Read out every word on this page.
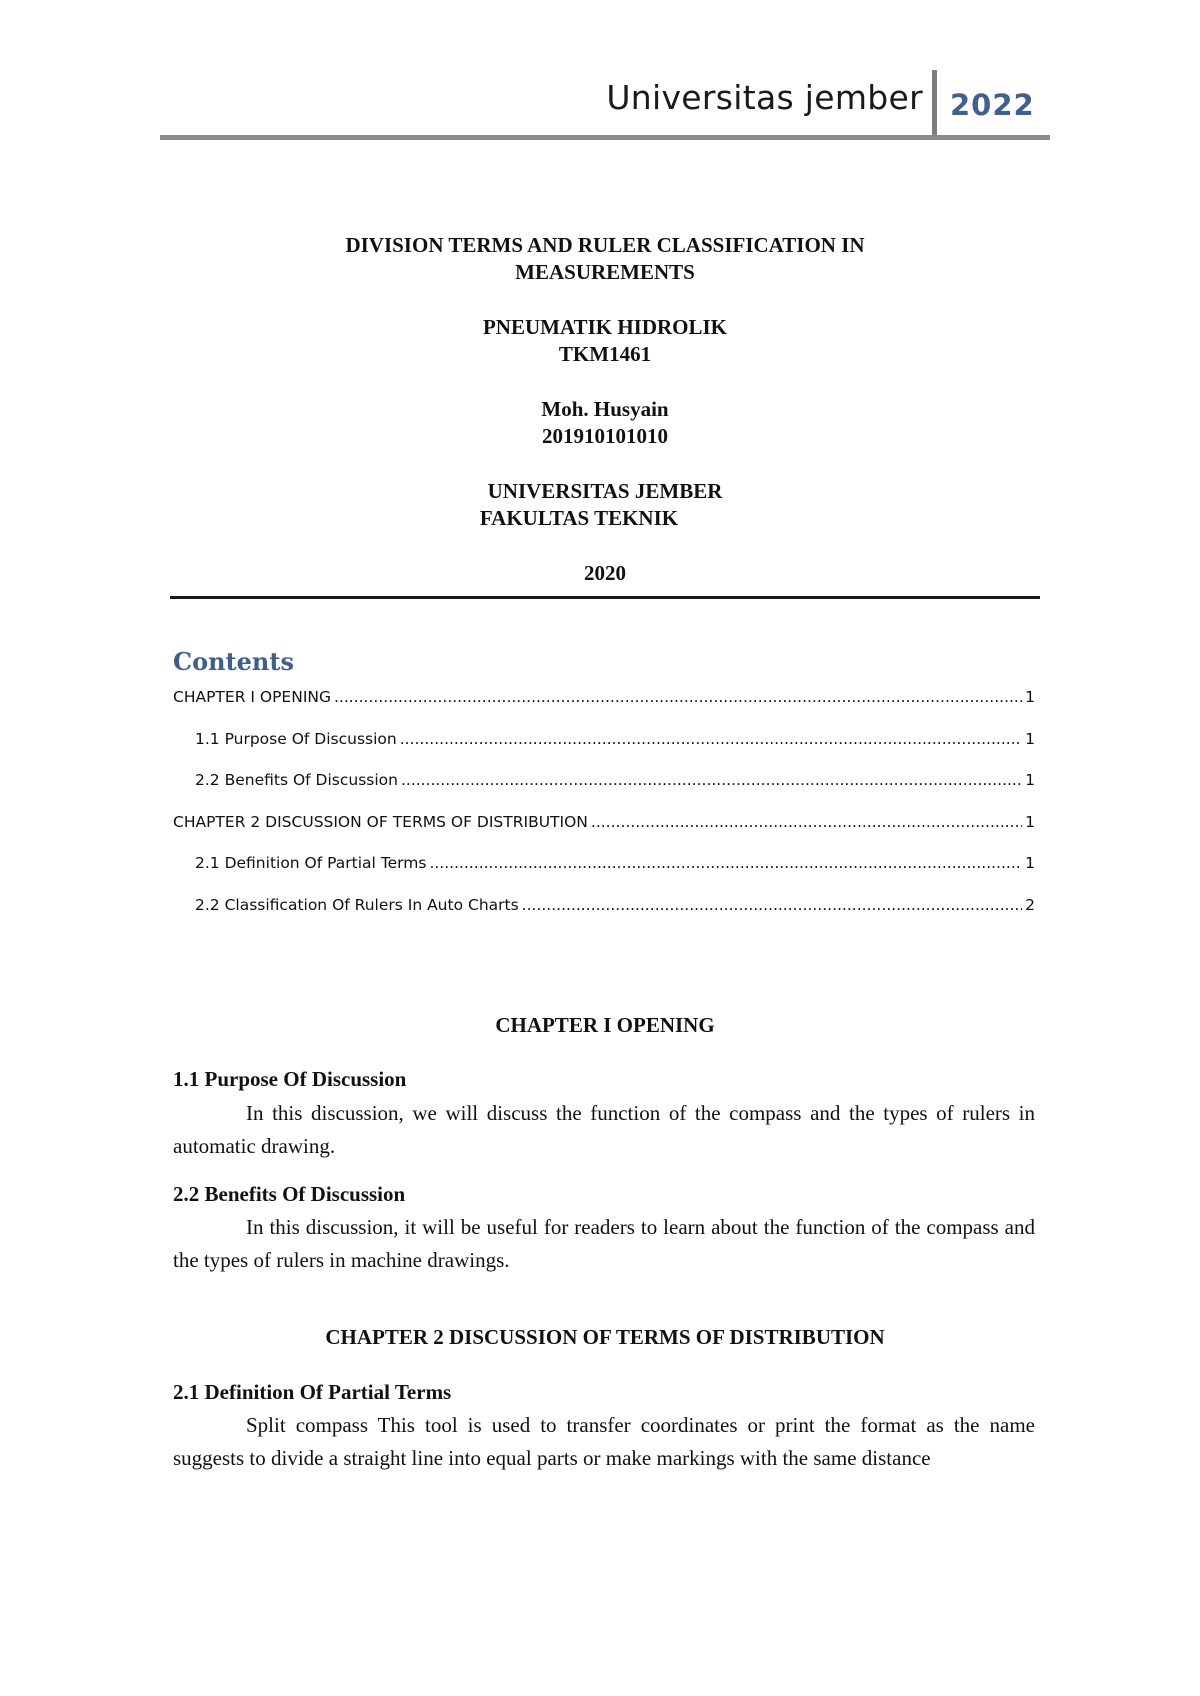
Universitas jember 2022
DIVISION TERMS AND RULER CLASSIFICATION IN
MEASUREMENTS
PNEUMATIK HIDROLIK
TKM1461
Moh. Husyain
201910101010
UNIVERSITAS JEMBER
FAKULTAS TEKNIK
2020
Contents
CHAPTER I OPENING .....	1
1.1 Purpose Of Discussion .....	1
2.2 Benefits Of Discussion .....	1
CHAPTER 2 DISCUSSION OF TERMS OF DISTRIBUTION .....	1
2.1 Definition Of Partial Terms .....	1
2.2 Classification Of Rulers In Auto Charts .....	2
CHAPTER I OPENING
1.1 Purpose Of Discussion
In this discussion, we will discuss the function of the compass and the types of rulers in automatic drawing.
2.2 Benefits Of Discussion
In this discussion, it will be useful for readers to learn about the function of the compass and the types of rulers in machine drawings.
CHAPTER 2 DISCUSSION OF TERMS OF DISTRIBUTION
2.1 Definition Of Partial Terms
Split compass This tool is used to transfer coordinates or print the format as the name suggests to divide a straight line into equal parts or make markings with the same distance
